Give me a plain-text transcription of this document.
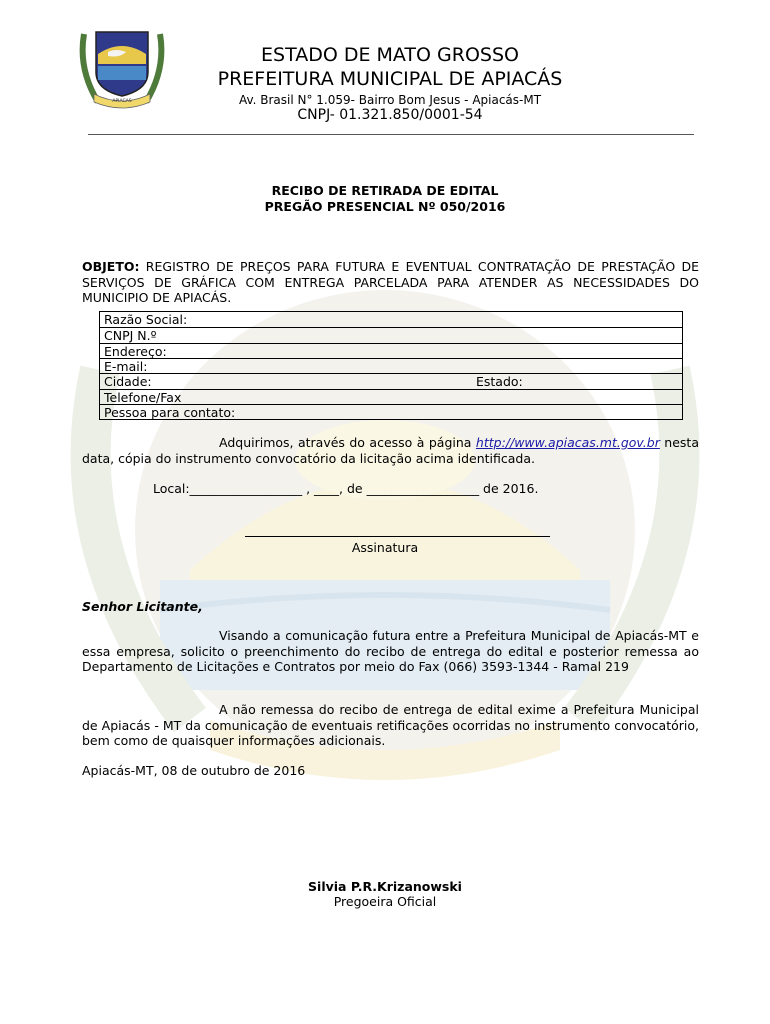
APIACAS
ESTADO DE MATO GROSSO
PREFEITURA MUNICIPAL DE APIACÁS
Av. Brasil N° 1.059- Bairro Bom Jesus - Apiacás-MT
CNPJ- 01.321.850/0001-54
RECIBO DE RETIRADA DE EDITAL
PREGÃO PRESENCIAL Nº 050/2016
OBJETO: REGISTRO DE PREÇOS PARA FUTURA E EVENTUAL CONTRATAÇÃO DE PRESTAÇÃO DE SERVIÇOS DE GRÁFICA COM ENTREGA PARCELADA PARA ATENDER AS NECESSIDADES DO MUNICIPIO DE APIACÁS.
Razão Social:
CNPJ N.º
Endereço:
E-mail:
Cidade:	Estado:
Telefone/Fax
Pessoa para contato:
Adquirimos, através do acesso à página http://www.apiacas.mt.gov.br nesta data, cópia do instrumento convocatório da licitação acima identificada.
Local:__________________ , ____, de __________________ de 2016.
Assinatura
Senhor Licitante,
Visando a comunicação futura entre a Prefeitura Municipal de Apiacás-MT e essa empresa, solicito o preenchimento do recibo de entrega do edital e posterior remessa ao Departamento de Licitações e Contratos por meio do Fax (066) 3593-1344 - Ramal 219
A não remessa do recibo de entrega de edital exime a Prefeitura Municipal de Apiacás - MT da comunicação de eventuais retificações ocorridas no instrumento convocatório, bem como de quaisquer informações adicionais.
Apiacás-MT, 08 de outubro de 2016
Silvia P.R.Krizanowski
Pregoeira Oficial
